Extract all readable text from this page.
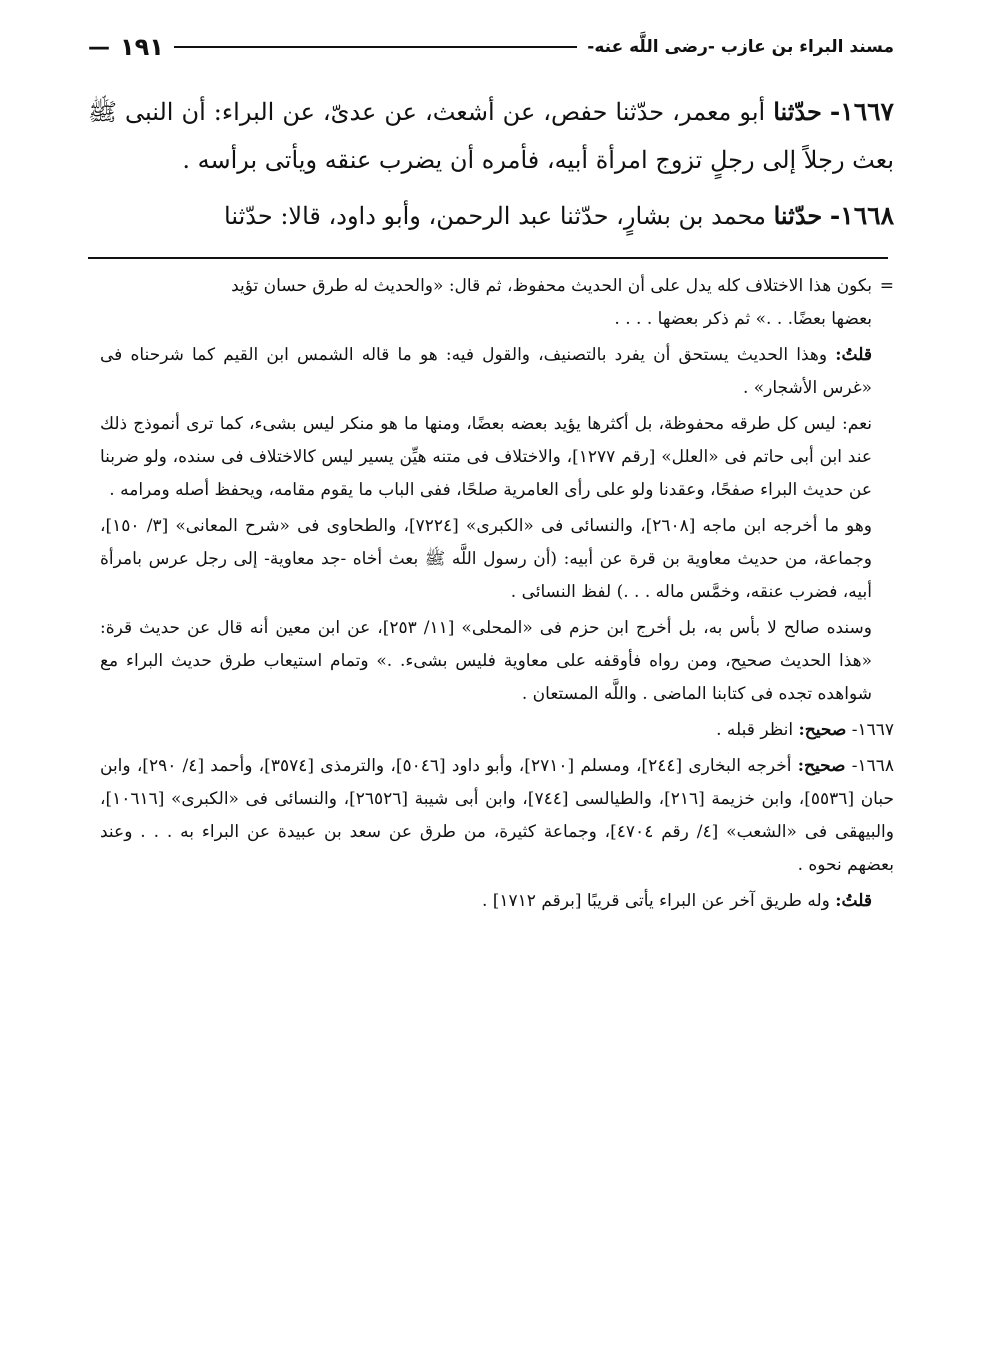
مسند البراء بن عازب -رضى اللَّه عنه-
١٩١
—
١٦٦٧- حدّثنا أبو معمر، حدّثنا حفص، عن أشعث، عن عدىّ، عن البراء: أن النبى ﷺ بعث رجلاً إلى رجلٍ تزوج امرأة أبيه، فأمره أن يضرب عنقه ويأتى برأسه .
١٦٦٨- حدّثنا محمد بن بشارٍ، حدّثنا عبد الرحمن، وأبو داود، قالا: حدّثنا

=
بكون هذا الاختلاف كله يدل على أن الحديث محفوظ، ثم قال: «والحديث له طرق حسان تؤيد
بعضها بعضًا. . .» ثم ذكر بعضها . . . .

قلتُ: وهذا الحديث يستحق أن يفرد بالتصنيف، والقول فيه: هو ما قاله الشمس ابن القيم كما شرحناه فى «غرس الأشجار» .

نعم: ليس كل طرقه محفوظة، بل أكثرها يؤيد بعضه بعضًا، ومنها ما هو منكر ليس بشىء، كما ترى أنموذج ذلك عند ابن أبى حاتم فى «العلل» [رقم ١٢٧٧]، والاختلاف فى متنه هيِّن يسير ليس كالاختلاف فى سنده، ولو ضربنا عن حديث البراء صفحًا، وعقدنا ولو على رأى العامرية صلحًا، ففى الباب ما يقوم مقامه، ويحفظ أصله ومرامه .

وهو ما أخرجه ابن ماجه [٢٦٠٨]، والنسائى فى «الكبرى» [٧٢٢٤]، والطحاوى فى «شرح المعانى» [٣/ ١٥٠]، وجماعة، من حديث معاوية بن قرة عن أبيه: (أن رسول اللَّه ﷺ بعث أخاه -جد معاوية- إلى رجل عرس بامرأة أبيه، فضرب عنقه، وخمَّس ماله . . .) لفظ النسائى .

وسنده صالح لا بأس به، بل أخرج ابن حزم فى «المحلى» [١١/ ٢٥٣]، عن ابن معين أنه قال عن حديث قرة: «هذا الحديث صحيح، ومن رواه فأوقفه على معاوية فليس بشىء. .» وتمام استيعاب طرق حديث البراء مع شواهده تجده فى كتابنا الماضى . واللَّه المستعان .

١٦٦٧- صحيح: انظر قبله .

١٦٦٨- صحيح: أخرجه البخارى [٢٤٤]، ومسلم [٢٧١٠]، وأبو داود [٥٠٤٦]، والترمذى [٣٥٧٤]، وأحمد [٤/ ٢٩٠]، وابن حبان [٥٥٣٦]، وابن خزيمة [٢١٦]، والطيالسى [٧٤٤]، وابن أبى شيبة [٢٦٥٢٦]، والنسائى فى «الكبرى» [١٠٦١٦]، والبيهقى فى «الشعب» [٤/ رقم ٤٧٠٤]، وجماعة كثيرة، من طرق عن سعد بن عبيدة عن البراء به . . . وعند بعضهم نحوه .

قلتُ: وله طريق آخر عن البراء يأتى قريبًا [برقم ١٧١٢] .
